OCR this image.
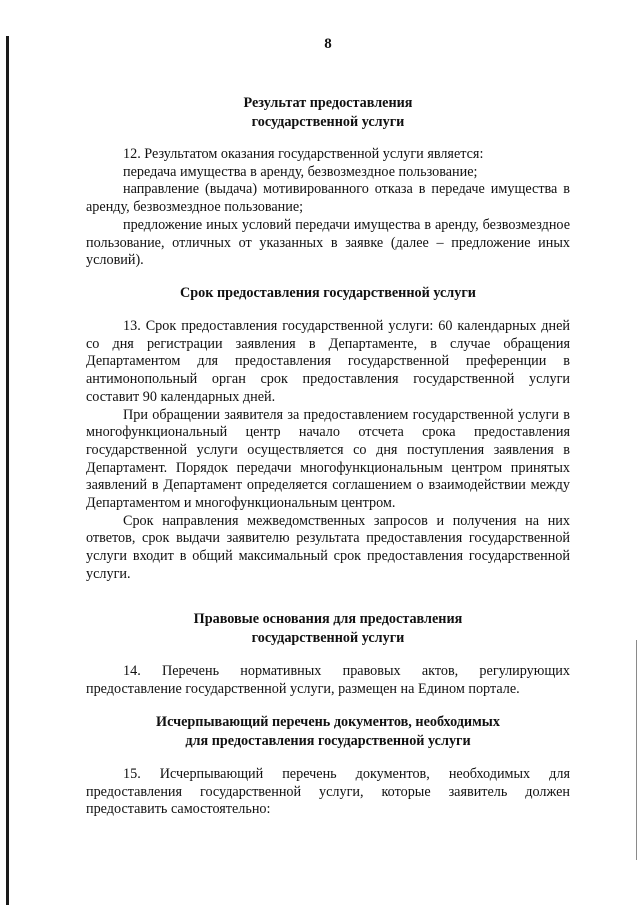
8
Результат предоставления
государственной услуги

12. Результатом оказания государственной услуги является:

передача имущества в аренду, безвозмездное пользование;

направление (выдача) мотивированного отказа в передаче имущества в аренду, безвозмездное пользование;

предложение иных условий передачи имущества в аренду, безвозмездное пользование, отличных от указанных в заявке (далее – предложение иных условий).

Срок предоставления государственной услуги

13. Срок предоставления государственной услуги: 60 календарных дней со дня регистрации заявления в Департаменте, в случае обращения Департаментом для предоставления государственной преференции в антимонопольный орган срок предоставления государственной услуги составит 90 календарных дней.

При обращении заявителя за предоставлением государственной услуги в многофункциональный центр начало отсчета срока предоставления государственной услуги осуществляется со дня поступления заявления в Департамент. Порядок передачи многофункциональным центром принятых заявлений в Департамент определяется соглашением о взаимодействии между Департаментом и многофункциональным центром.

Срок направления межведомственных запросов и получения на них ответов, срок выдачи заявителю результата предоставления государственной услуги входит в общий максимальный срок предоставления государственной услуги.

Правовые основания для предоставления
государственной услуги

14. Перечень нормативных правовых актов, регулирующих предоставление государственной услуги, размещен на Едином портале.

Исчерпывающий перечень документов, необходимых
для предоставления государственной услуги

15. Исчерпывающий перечень документов, необходимых для предоставления государственной услуги, которые заявитель должен предоставить самостоятельно:
